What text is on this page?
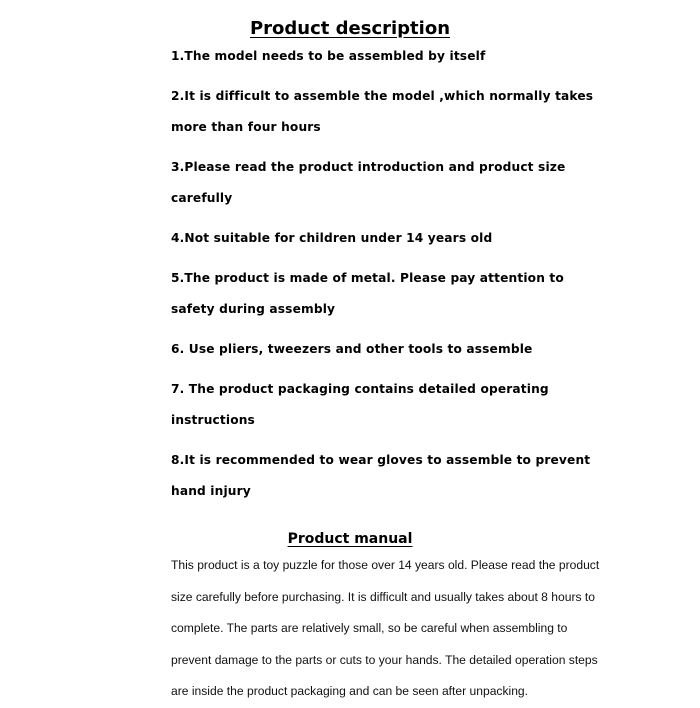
Product description
1.The model needs to be assembled by itself
2.It is difficult to assemble the model ,which normally takes more than four hours
3.Please read the product introduction and product size carefully
4.Not suitable for children under 14 years old
5.The product is made of metal. Please pay attention to safety during assembly
6. Use pliers, tweezers and other tools to assemble
7. The product packaging contains detailed operating instructions
8.It is recommended to wear gloves to assemble to prevent hand injury
Product manual

This product is a toy puzzle for those over 14 years old. Please read the product size carefully before purchasing. It is difficult and usually takes about 8 hours to complete. The parts are relatively small, so be careful when assembling to prevent damage to the parts or cuts to your hands. The detailed operation steps are inside the product packaging and can be seen after unpacking.
